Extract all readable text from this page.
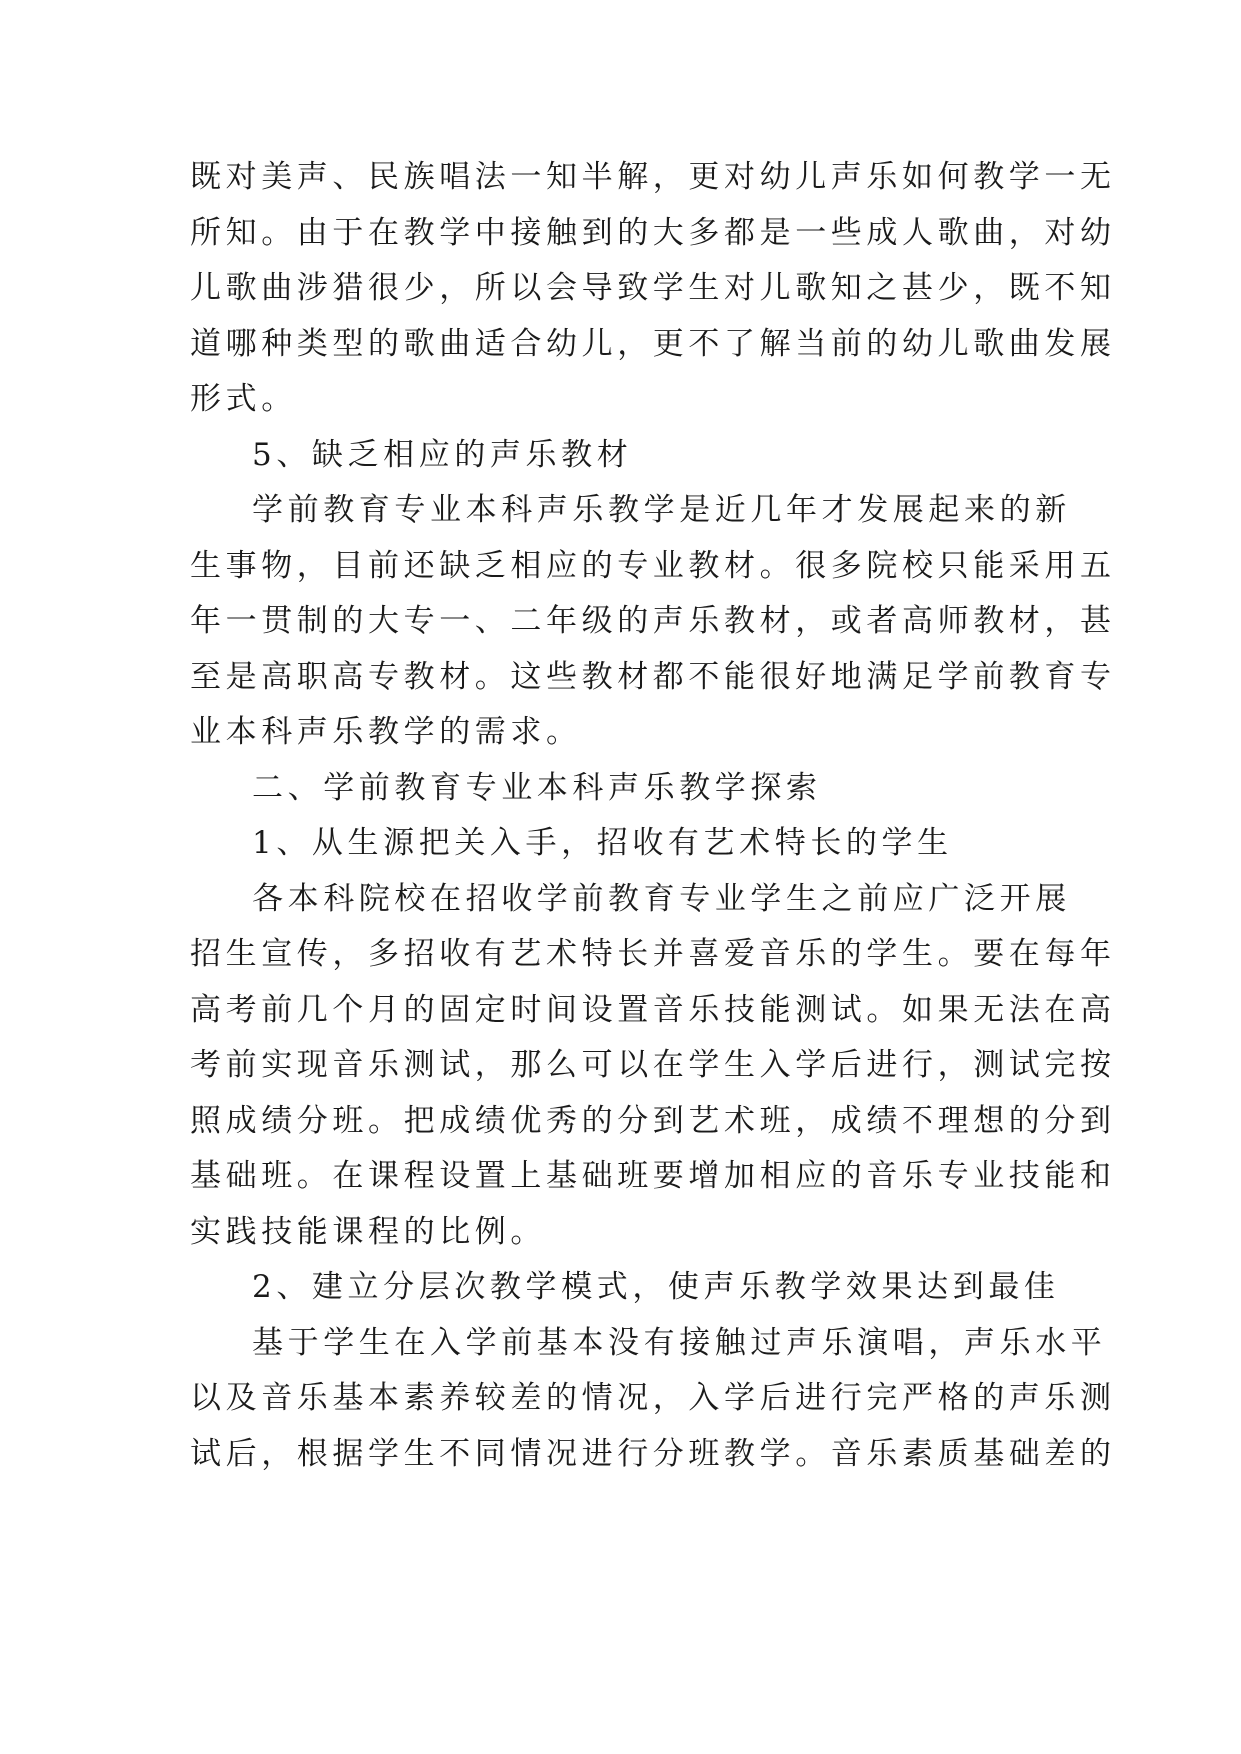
既对美声、民族唱法一知半解，更对幼儿声乐如何教学一无
所知。由于在教学中接触到的大多都是一些成人歌曲，对幼
儿歌曲涉猎很少，所以会导致学生对儿歌知之甚少，既不知
道哪种类型的歌曲适合幼儿，更不了解当前的幼儿歌曲发展
形式。
5、缺乏相应的声乐教材
学前教育专业本科声乐教学是近几年才发展起来的新
生事物，目前还缺乏相应的专业教材。很多院校只能采用五
年一贯制的大专一、二年级的声乐教材，或者高师教材，甚
至是高职高专教材。这些教材都不能很好地满足学前教育专
业本科声乐教学的需求。
二、学前教育专业本科声乐教学探索
1、从生源把关入手，招收有艺术特长的学生
各本科院校在招收学前教育专业学生之前应广泛开展
招生宣传，多招收有艺术特长并喜爱音乐的学生。要在每年
高考前几个月的固定时间设置音乐技能测试。如果无法在高
考前实现音乐测试，那么可以在学生入学后进行，测试完按
照成绩分班。把成绩优秀的分到艺术班，成绩不理想的分到
基础班。在课程设置上基础班要增加相应的音乐专业技能和
实践技能课程的比例。
2、建立分层次教学模式，使声乐教学效果达到最佳
基于学生在入学前基本没有接触过声乐演唱，声乐水平
以及音乐基本素养较差的情况，入学后进行完严格的声乐测
试后，根据学生不同情况进行分班教学。音乐素质基础差的
